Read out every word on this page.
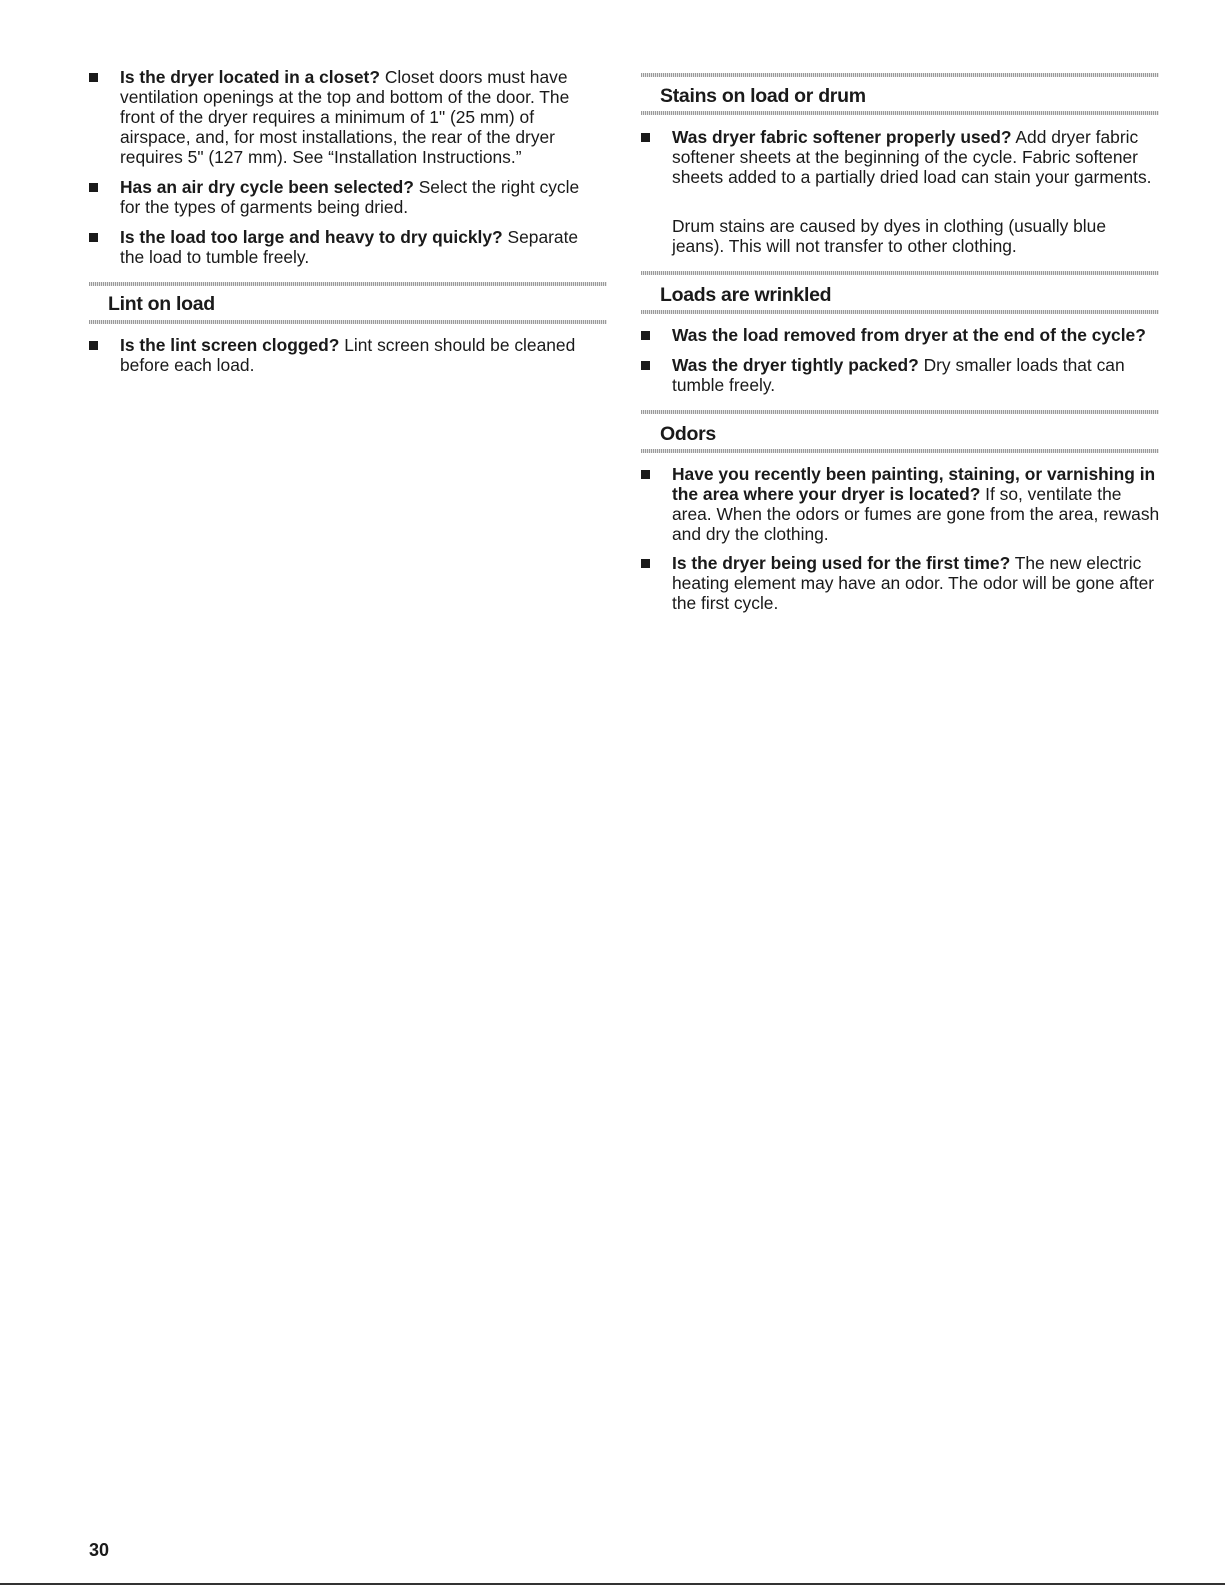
Is the dryer located in a closet? Closet doors must have ventilation openings at the top and bottom of the door. The front of the dryer requires a minimum of 1" (25 mm) of airspace, and, for most installations, the rear of the dryer requires 5" (127 mm). See “Installation Instructions.”
Has an air dry cycle been selected? Select the right cycle for the types of garments being dried.
Is the load too large and heavy to dry quickly? Separate the load to tumble freely.
Lint on load
Is the lint screen clogged? Lint screen should be cleaned before each load.
Stains on load or drum
Was dryer fabric softener properly used? Add dryer fabric softener sheets at the beginning of the cycle. Fabric softener sheets added to a partially dried load can stain your garments.
Drum stains are caused by dyes in clothing (usually blue jeans). This will not transfer to other clothing.
Loads are wrinkled
Was the load removed from dryer at the end of the cycle?
Was the dryer tightly packed? Dry smaller loads that can tumble freely.
Odors
Have you recently been painting, staining, or varnishing in the area where your dryer is located? If so, ventilate the area. When the odors or fumes are gone from the area, rewash and dry the clothing.
Is the dryer being used for the first time? The new electric heating element may have an odor. The odor will be gone after the first cycle.
30
